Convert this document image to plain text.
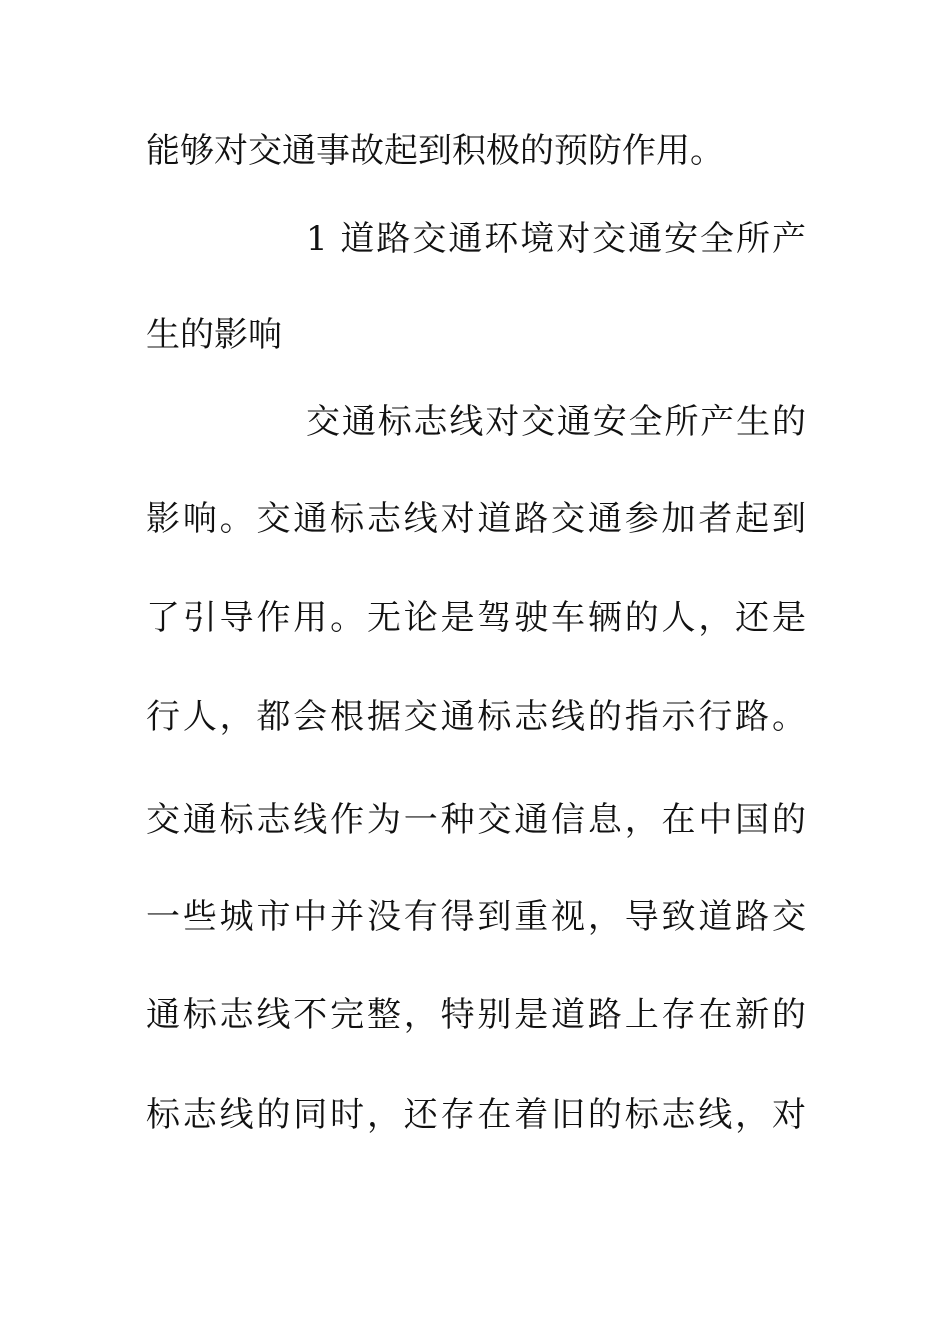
能够对交通事故起到积极的预防作用。
1 道路交通环境对交通安全所产
生的影响
交通标志线对交通安全所产生的
影响。交通标志线对道路交通参加者起到
了引导作用。无论是驾驶车辆的人，还是
行人，都会根据交通标志线的指示行路。
交通标志线作为一种交通信息，在中国的
一些城市中并没有得到重视，导致道路交
通标志线不完整，特别是道路上存在新的
标志线的同时，还存在着旧的标志线，对
